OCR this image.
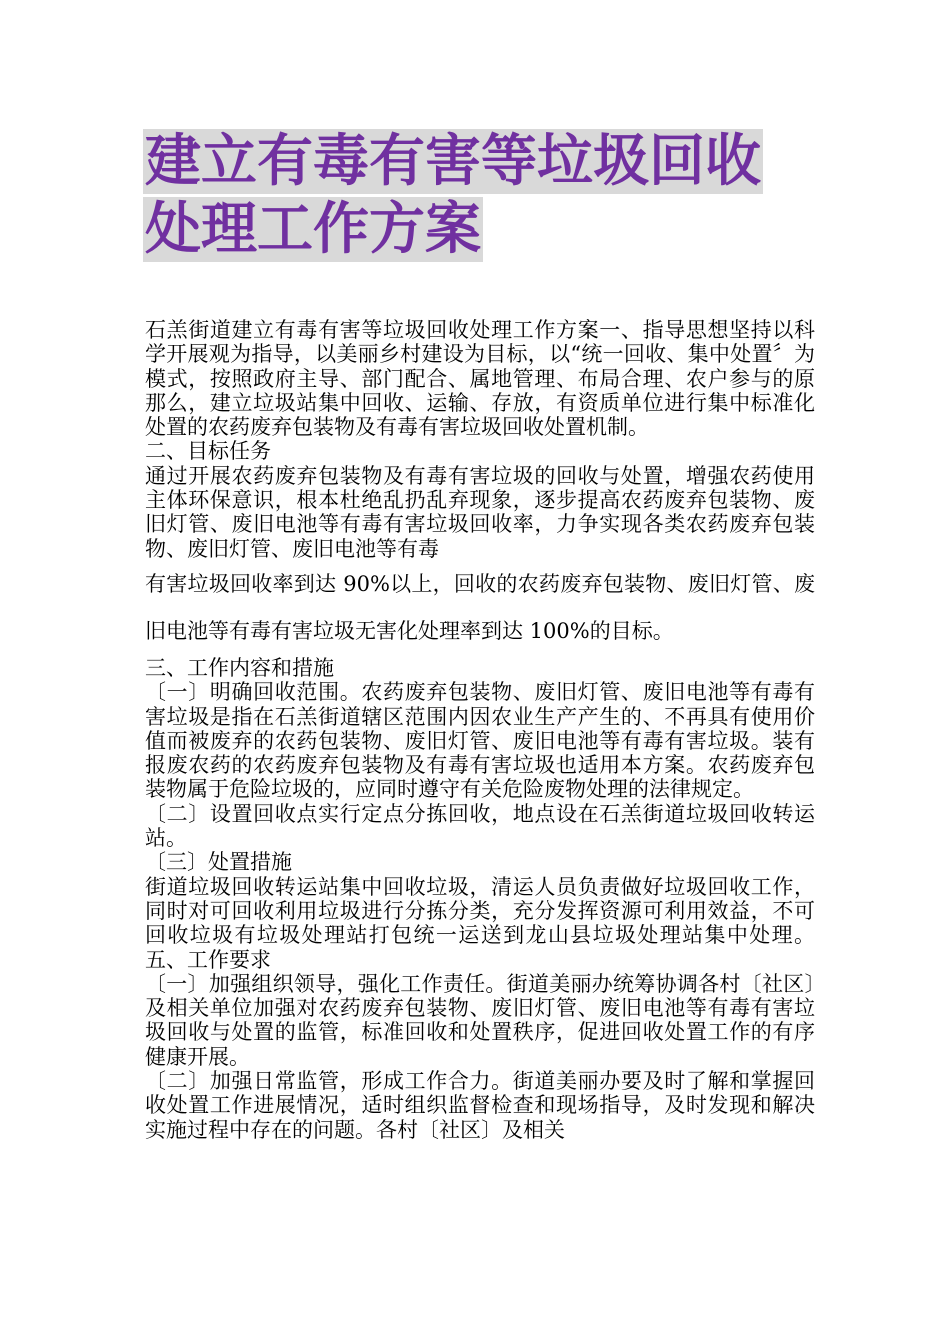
建立有毒有害等垃圾回收
处理工作方案

石羔街道建立有毒有害等垃圾回收处理工作方案一、指导思想坚持以科学开展观为指导，以美丽乡村建设为目标，以“统一回收、集中处置〞为模式，按照政府主导、部门配合、属地管理、布局合理、农户参与的原那么，建立垃圾站集中回收、运输、存放，有资质单位进行集中标准化处置的农药废弃包装物及有毒有害垃圾回收处置机制。

二、目标任务

通过开展农药废弃包装物及有毒有害垃圾的回收与处置，增强农药使用主体环保意识，根本杜绝乱扔乱弃现象，逐步提高农药废弃包装物、废旧灯管、废旧电池等有毒有害垃圾回收率，力争实现各类农药废弃包装物、废旧灯管、废旧电池等有毒

有害垃圾回收率到达 90%以上，回收的农药废弃包装物、废旧灯管、废旧电池等有毒有害垃圾无害化处理率到达 100%的目标。

三、工作内容和措施

〔一〕明确回收范围。农药废弃包装物、废旧灯管、废旧电池等有毒有害垃圾是指在石羔街道辖区范围内因农业生产产生的、不再具有使用价值而被废弃的农药包装物、废旧灯管、废旧电池等有毒有害垃圾。装有报废农药的农药废弃包装物及有毒有害垃圾也适用本方案。农药废弃包装物属于危险垃圾的，应同时遵守有关危险废物处理的法律规定。

〔二〕设置回收点实行定点分拣回收，地点设在石羔街道垃圾回收转运站。

〔三〕处置措施

街道垃圾回收转运站集中回收垃圾，清运人员负责做好垃圾回收工作，同时对可回收利用垃圾进行分拣分类，充分发挥资源可利用效益，不可回收垃圾有垃圾处理站打包统一运送到龙山县垃圾处理站集中处理。五、工作要求

〔一〕加强组织领导，强化工作责任。街道美丽办统筹协调各村〔社区〕及相关单位加强对农药废弃包装物、废旧灯管、废旧电池等有毒有害垃圾回收与处置的监管，标准回收和处置秩序，促进回收处置工作的有序健康开展。

〔二〕加强日常监管，形成工作合力。街道美丽办要及时了解和掌握回收处置工作进展情况，适时组织监督检查和现场指导，及时发现和解决实施过程中存在的问题。各村〔社区〕及相关
